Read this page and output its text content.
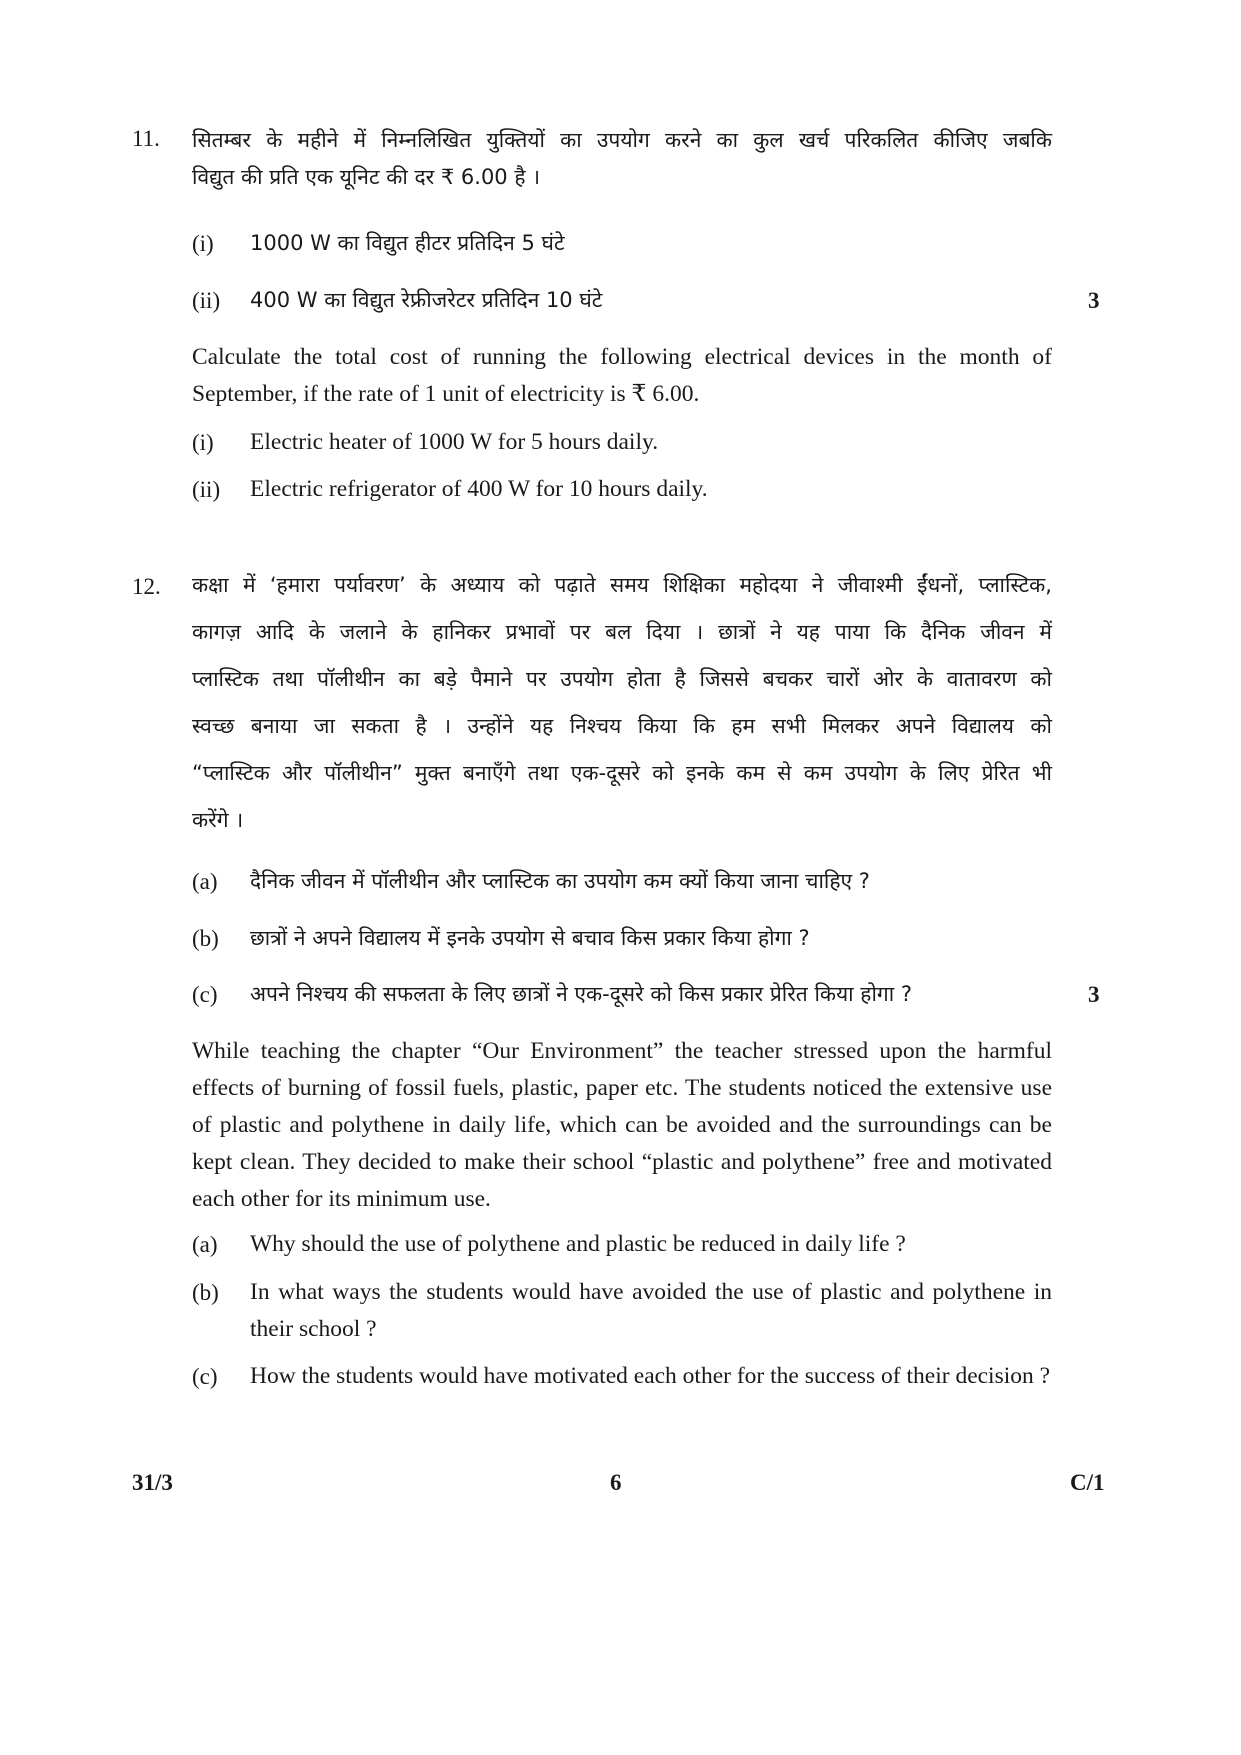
11. सितम्बर के महीने में निम्नलिखित युक्तियों का उपयोग करने का कुल खर्च परिकलित कीजिए जबकि
विद्युत की प्रति एक यूनिट की दर ₹ 6.00 है ।
(i) 1000 W का विद्युत हीटर प्रतिदिन 5 घंटे
(ii) 400 W का विद्युत रेफ्रीजरेटर प्रतिदिन 10 घंटे	3
Calculate the total cost of running the following electrical devices in the month of September, if the rate of 1 unit of electricity is ₹ 6.00.
(i) Electric heater of 1000 W for 5 hours daily.
(ii) Electric refrigerator of 400 W for 10 hours daily.
12. कक्षा में ‘हमारा पर्यावरण’ के अध्याय को पढ़ाते समय शिक्षिका महोदया ने जीवाश्मी ईंधनों, प्लास्टिक,
कागज़ आदि के जलाने के हानिकर प्रभावों पर बल दिया । छात्रों ने यह पाया कि दैनिक जीवन में
प्लास्टिक तथा पॉलीथीन का बड़े पैमाने पर उपयोग होता है जिससे बचकर चारों ओर के वातावरण को
स्वच्छ बनाया जा सकता है । उन्होंने यह निश्चय किया कि हम सभी मिलकर अपने विद्यालय को
“प्लास्टिक और पॉलीथीन” मुक्त बनाएँगे तथा एक-दूसरे को इनके कम से कम उपयोग के लिए प्रेरित भी
करेंगे ।
(a) दैनिक जीवन में पॉलीथीन और प्लास्टिक का उपयोग कम क्यों किया जाना चाहिए ?
(b) छात्रों ने अपने विद्यालय में इनके उपयोग से बचाव किस प्रकार किया होगा ?
(c) अपने निश्चय की सफलता के लिए छात्रों ने एक-दूसरे को किस प्रकार प्रेरित किया होगा ?	3
While teaching the chapter “Our Environment” the teacher stressed upon the harmful effects of burning of fossil fuels, plastic, paper etc. The students noticed the extensive use of plastic and polythene in daily life, which can be avoided and the surroundings can be kept clean. They decided to make their school “plastic and polythene” free and motivated each other for its minimum use.
(a) Why should the use of polythene and plastic be reduced in daily life ?
(b) In what ways the students would have avoided the use of plastic and polythene in their school ?
(c) How the students would have motivated each other for the success of their decision ?
31/3	6	C/1
